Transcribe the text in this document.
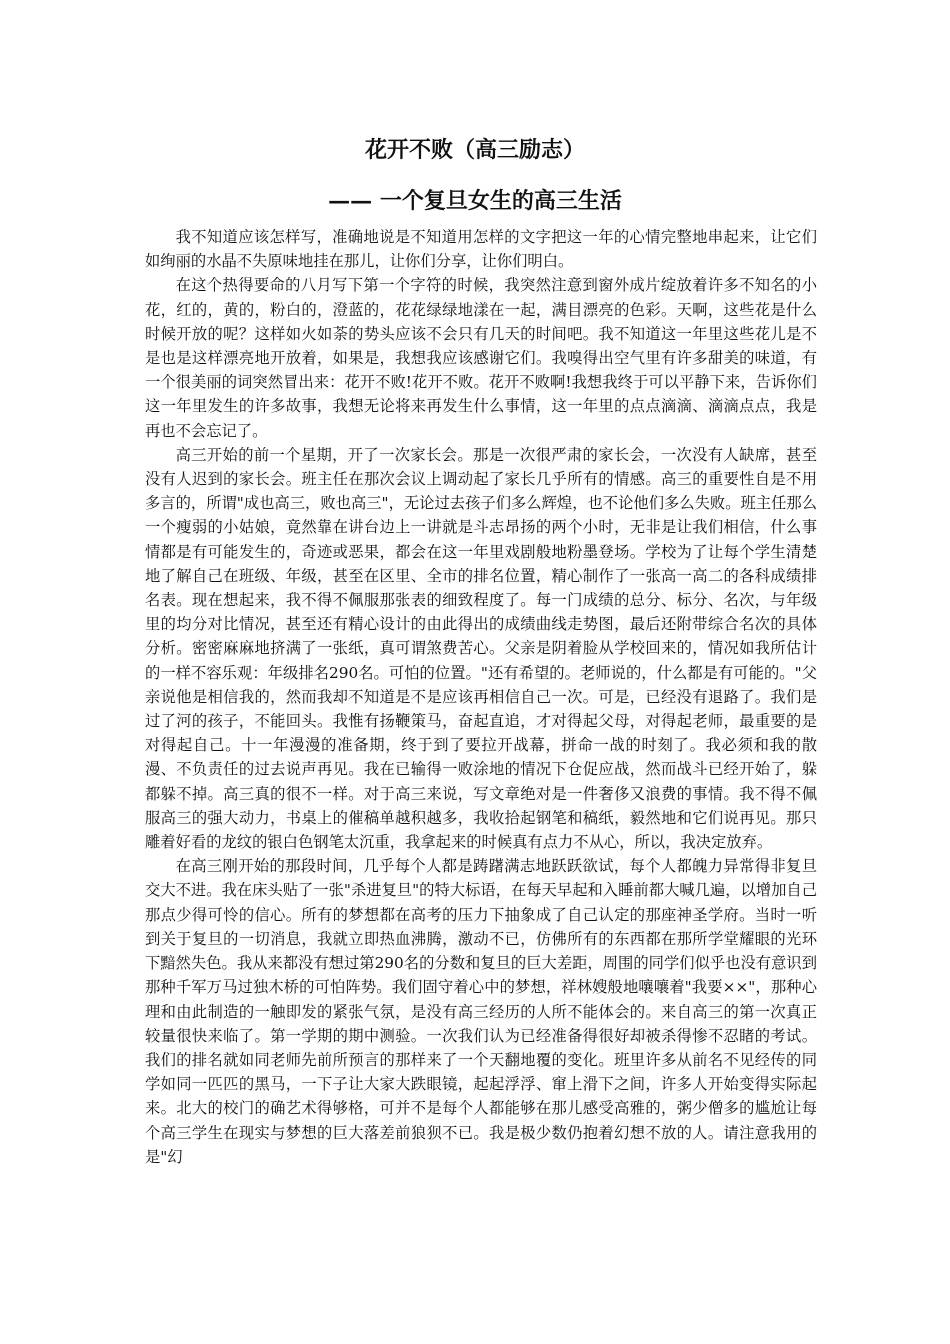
花开不败（高三励志）
—— 一个复旦女生的高三生活

我不知道应该怎样写，准确地说是不知道用怎样的文字把这一年的心情完整地串起来，让它们如绚丽的水晶不失原味地挂在那儿，让你们分享，让你们明白。

在这个热得要命的八月写下第一个字符的时候，我突然注意到窗外成片绽放着许多不知名的小花，红的，黄的，粉白的，澄蓝的，花花绿绿地漾在一起，满目漂亮的色彩。天啊，这些花是什么时候开放的呢？这样如火如荼的势头应该不会只有几天的时间吧。我不知道这一年里这些花儿是不是也是这样漂亮地开放着，如果是，我想我应该感谢它们。我嗅得出空气里有许多甜美的味道，有一个很美丽的词突然冒出来：花开不败!花开不败。花开不败啊!我想我终于可以平静下来，告诉你们这一年里发生的许多故事，我想无论将来再发生什么事情，这一年里的点点滴滴、滴滴点点，我是再也不会忘记了。

高三开始的前一个星期，开了一次家长会。那是一次很严肃的家长会，一次没有人缺席，甚至没有人迟到的家长会。班主任在那次会议上调动起了家长几乎所有的情感。高三的重要性自是不用多言的，所谓"成也高三，败也高三"，无论过去孩子们多么辉煌，也不论他们多么失败。班主任那么一个瘦弱的小姑娘，竟然靠在讲台边上一讲就是斗志昂扬的两个小时，无非是让我们相信，什么事情都是有可能发生的，奇迹或恶果，都会在这一年里戏剧般地粉墨登场。学校为了让每个学生清楚地了解自己在班级、年级，甚至在区里、全市的排名位置，精心制作了一张高一高二的各科成绩排名表。现在想起来，我不得不佩服那张表的细致程度了。每一门成绩的总分、标分、名次，与年级里的均分对比情况，甚至还有精心设计的由此得出的成绩曲线走势图，最后还附带综合名次的具体分析。密密麻麻地挤满了一张纸，真可谓煞费苦心。父亲是阴着脸从学校回来的，情况如我所估计的一样不容乐观：年级排名290名。可怕的位置。"还有希望的。老师说的，什么都是有可能的。"父亲说他是相信我的，然而我却不知道是不是应该再相信自己一次。可是，已经没有退路了。我们是过了河的孩子，不能回头。我惟有扬鞭策马，奋起直追，才对得起父母，对得起老师，最重要的是对得起自己。十一年漫漫的准备期，终于到了要拉开战幕，拼命一战的时刻了。我必须和我的散漫、不负责任的过去说声再见。我在已输得一败涂地的情况下仓促应战，然而战斗已经开始了，躲都躲不掉。高三真的很不一样。对于高三来说，写文章绝对是一件奢侈又浪费的事情。我不得不佩服高三的强大动力，书桌上的催稿单越积越多，我收拾起钢笔和稿纸，毅然地和它们说再见。那只雕着好看的龙纹的银白色钢笔太沉重，我拿起来的时候真有点力不从心，所以，我决定放弃。

在高三刚开始的那段时间，几乎每个人都是踌躇满志地跃跃欲试，每个人都魄力异常得非复旦交大不进。我在床头贴了一张"杀进复旦"的特大标语，在每天早起和入睡前都大喊几遍，以增加自己那点少得可怜的信心。所有的梦想都在高考的压力下抽象成了自己认定的那座神圣学府。当时一听到关于复旦的一切消息，我就立即热血沸腾，激动不已，仿佛所有的东西都在那所学堂耀眼的光环下黯然失色。我从来都没有想过第290名的分数和复旦的巨大差距，周围的同学们似乎也没有意识到那种千军万马过独木桥的可怕阵势。我们固守着心中的梦想，祥林嫂般地嚷嚷着"我要××"，那种心理和由此制造的一触即发的紧张气氛，是没有高三经历的人所不能体会的。来自高三的第一次真正较量很快来临了。第一学期的期中测验。一次我们认为已经准备得很好却被杀得惨不忍睹的考试。我们的排名就如同老师先前所预言的那样来了一个天翻地覆的变化。班里许多从前名不见经传的同学如同一匹匹的黑马，一下子让大家大跌眼镜，起起浮浮、窜上滑下之间，许多人开始变得实际起来。北大的校门的确艺术得够格，可并不是每个人都能够在那儿感受高雅的，粥少僧多的尴尬让每个高三学生在现实与梦想的巨大落差前狼狈不已。我是极少数仍抱着幻想不放的人。请注意我用的是"幻
